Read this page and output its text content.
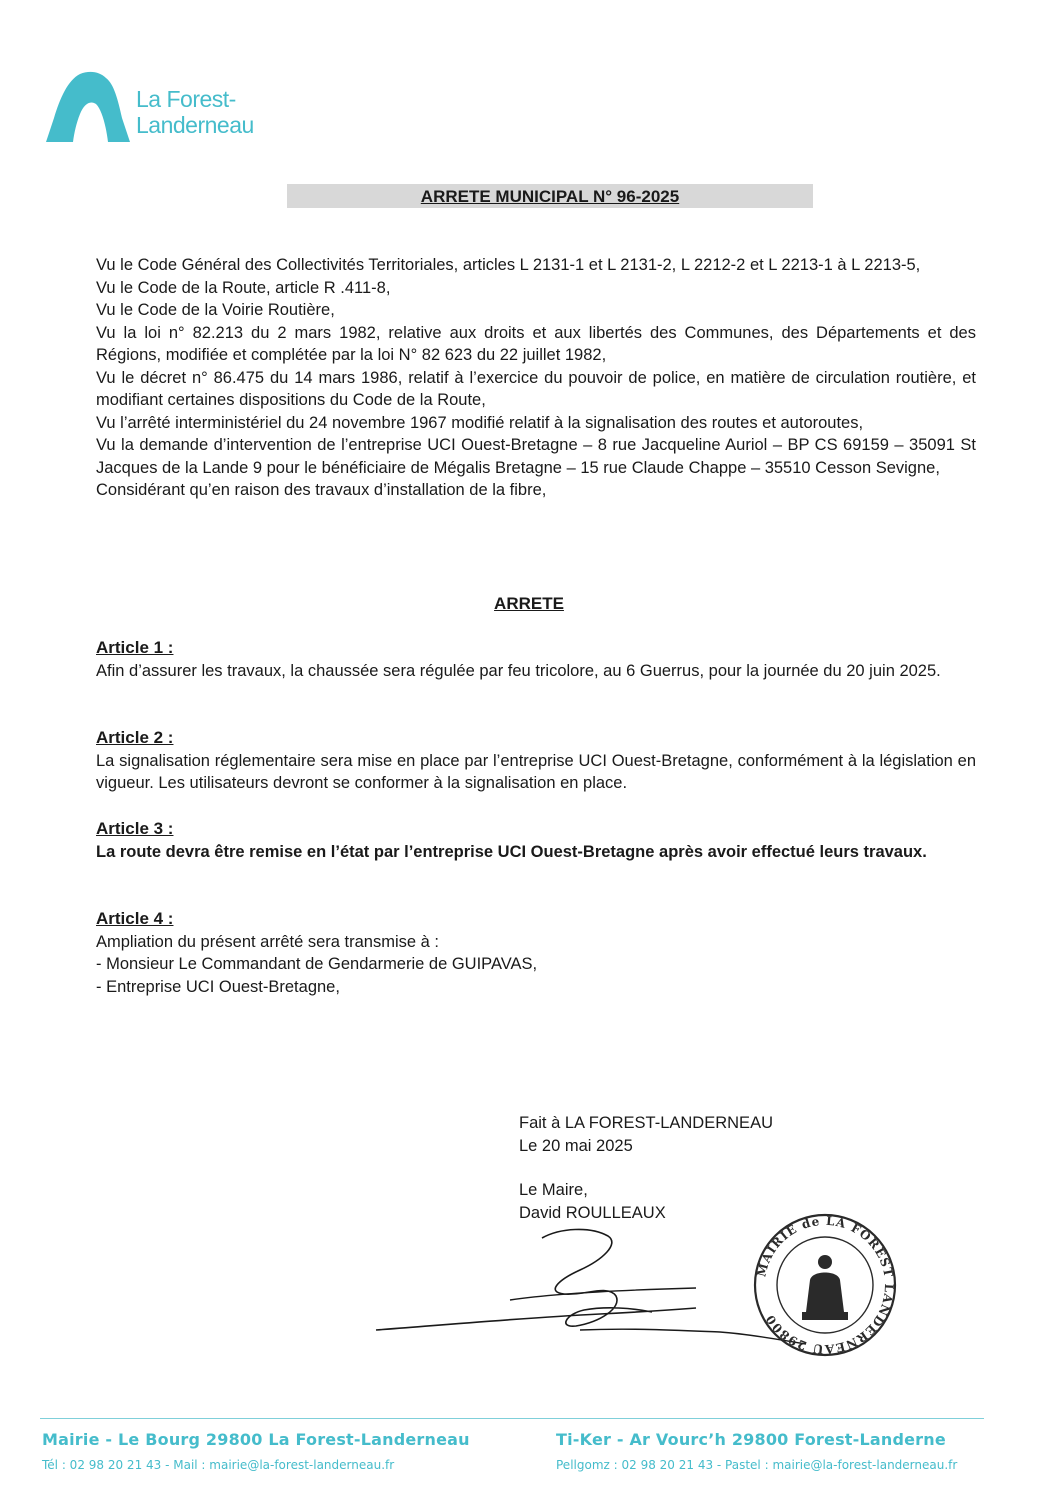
La Forest-
Landerneau
ARRETE MUNICIPAL N° 96-2025

Vu le Code Général des Collectivités Territoriales, articles L 2131-1 et L 2131-2, L 2212-2 et L 2213-1 à L 2213-5,

Vu le Code de la Route, article R .411-8,

Vu le Code de la Voirie Routière,

Vu la loi n° 82.213 du 2 mars 1982, relative aux droits et aux libertés des Communes, des Départements et des Régions, modifiée et complétée par la loi N° 82 623 du 22 juillet 1982,

Vu le décret n° 86.475 du 14 mars 1986, relatif à l’exercice du pouvoir de police, en matière de circulation routière, et modifiant certaines dispositions du Code de la Route,

Vu l’arrêté interministériel du 24 novembre 1967 modifié relatif à la signalisation des routes et autoroutes,

Vu la demande d’intervention de l’entreprise UCI Ouest-Bretagne – 8 rue Jacqueline Auriol – BP CS 69159 – 35091 St Jacques de la Lande 9 pour le bénéficiaire de Mégalis Bretagne – 15 rue Claude Chappe – 35510 Cesson Sevigne,

Considérant qu’en raison des travaux d’installation de la fibre,

ARRETE
Article 1 :

Afin d’assurer les travaux, la chaussée sera régulée par feu tricolore, au 6 Guerrus, pour la journée du 20 juin 2025.

Article 2 :

La signalisation réglementaire sera mise en place par l’entreprise UCI Ouest-Bretagne, conformément à la législation en vigueur. Les utilisateurs devront se conformer à la signalisation en place.

Article 3 :

La route devra être remise en l’état par l’entreprise UCI Ouest-Bretagne après avoir effectué leurs travaux.

Article 4 :

Ampliation du présent arrêté sera transmise à :

- Monsieur Le Commandant de Gendarmerie de GUIPAVAS,

- Entreprise UCI Ouest-Bretagne,

Fait à LA FOREST-LANDERNEAU

Le 20 mai 2025

Le Maire,

David ROULLEAUX

MAIRIE de LA FOREST LANDERNEAU 29800
Mairie - Le Bourg 29800 La Forest-Landerneau
Tél : 02 98 20 21 43 - Mail : mairie@la-forest-landerneau.fr
Ti-Ker - Ar Vourc’h 29800 Forest-Landerne
Pellgomz : 02 98 20 21 43 - Pastel : mairie@la-forest-landerneau.fr
